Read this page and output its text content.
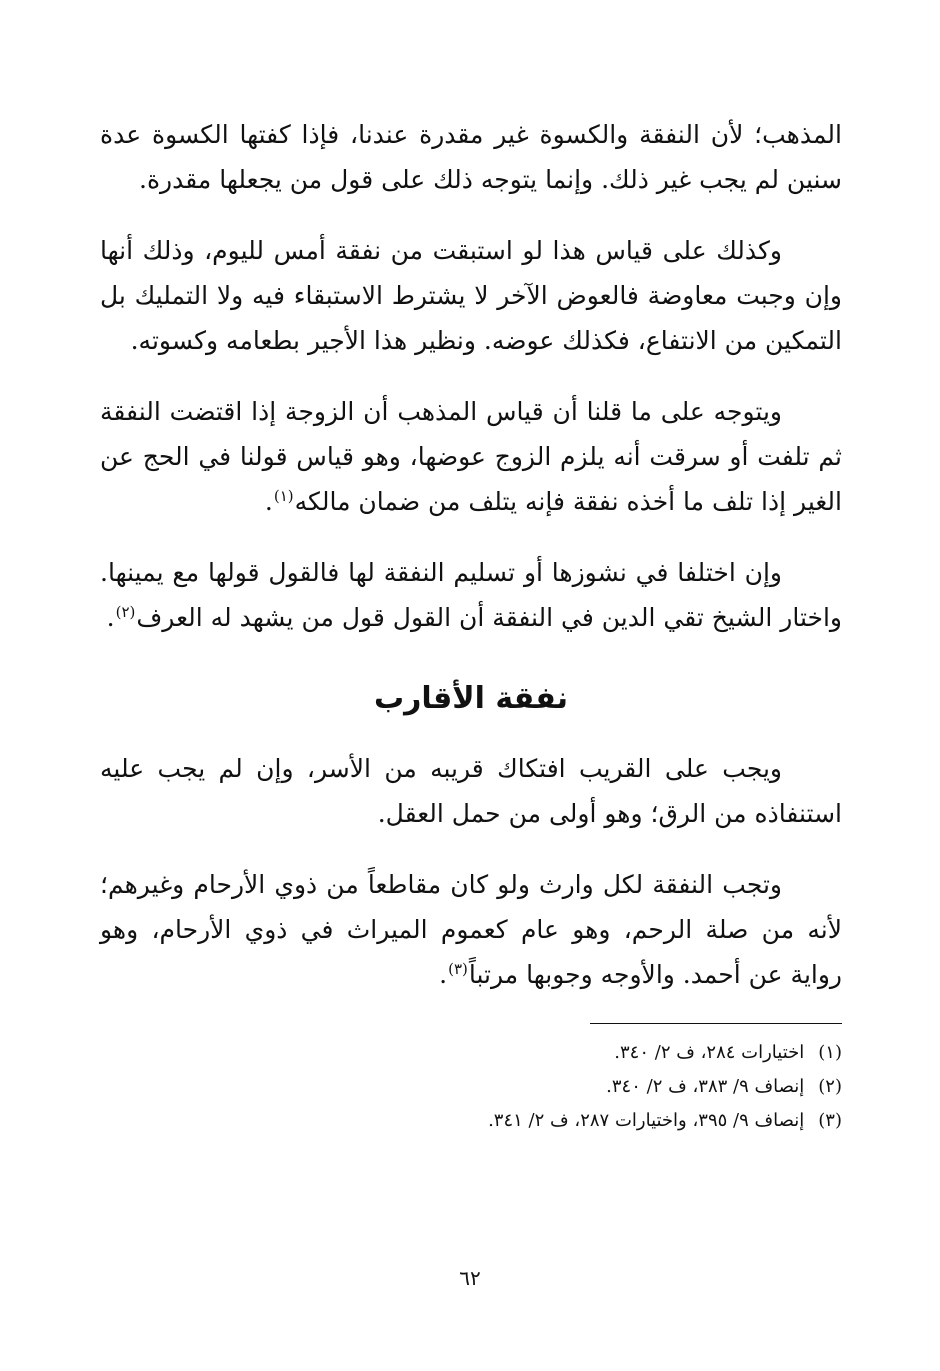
المذهب؛ لأن النفقة والكسوة غير مقدرة عندنا، فإذا كفتها الكسوة عدة سنين لم يجب غير ذلك. وإنما يتوجه ذلك على قول من يجعلها مقدرة.

وكذلك على قياس هذا لو استبقت من نفقة أمس لليوم، وذلك أنها وإن وجبت معاوضة فالعوض الآخر لا يشترط الاستبقاء فيه ولا التمليك بل التمكين من الانتفاع، فكذلك عوضه. ونظير هذا الأجير بطعامه وكسوته.

ويتوجه على ما قلنا أن قياس المذهب أن الزوجة إذا اقتضت النفقة ثم تلفت أو سرقت أنه يلزم الزوج عوضها، وهو قياس قولنا في الحج عن الغير إذا تلف ما أخذه نفقة فإنه يتلف من ضمان مالكه$^{(١)}$.

وإن اختلفا في نشوزها أو تسليم النفقة لها فالقول قولها مع يمينها. واختار الشيخ تقي الدين في النفقة أن القول قول من يشهد له العرف$^{(٢)}$.

نفقة الأقارب

ويجب على القريب افتكاك قريبه من الأسر، وإن لم يجب عليه استنفاذه من الرق؛ وهو أولى من حمل العقل.

وتجب النفقة لكل وارث ولو كان مقاطعاً من ذوي الأرحام وغيرهم؛ لأنه من صلة الرحم، وهو عام كعموم الميراث في ذوي الأرحام، وهو رواية عن أحمد. والأوجه وجوبها مرتباً$^{(٣)}$.

(١)
اختيارات ٢٨٤، ف ٢/ ٣٤٠.
(٢)
إنصاف ٩/ ٣٨٣، ف ٢/ ٣٤٠.
(٣)
إنصاف ٩/ ٣٩٥، واختيارات ٢٨٧، ف ٢/ ٣٤١.
٦٢
